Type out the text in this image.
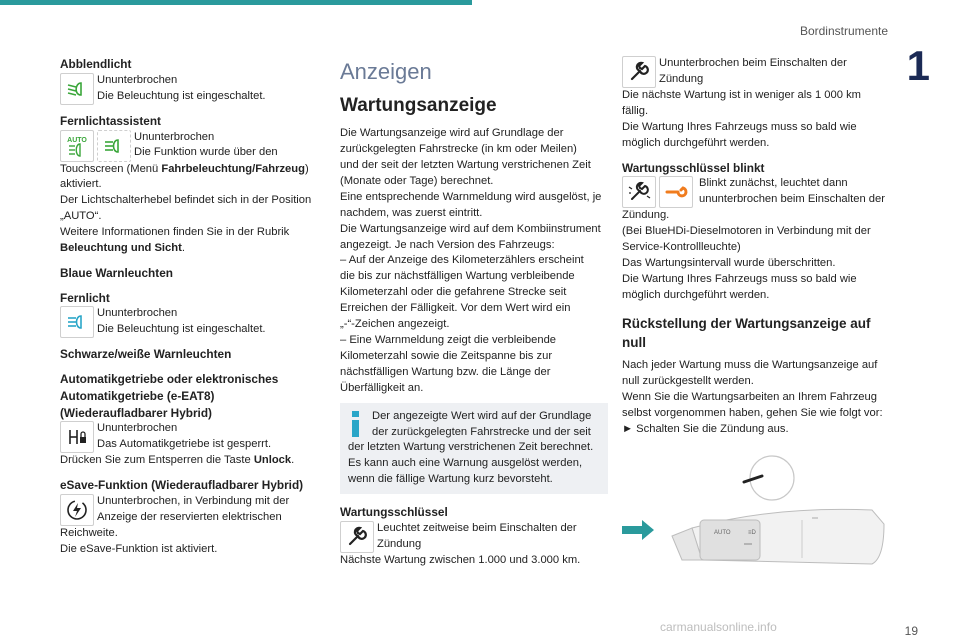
Bordinstrumente
1

Abblendlicht

Ununterbrochen

Die Beleuchtung ist eingeschaltet.

Fernlichtassistent

AUTO	Ununterbrochen

Die Funktion wurde über den

Touchscreen (Menü Fahrbeleuchtung/Fahrzeug)

aktiviert.

Der Lichtschalterhebel befindet sich in der Position

„AUTO“.

Weitere Informationen finden Sie in der Rubrik

Beleuchtung und Sicht.

Blaue Warnleuchten

Fernlicht

Ununterbrochen

Die Beleuchtung ist eingeschaltet.

Schwarze/weiße Warnleuchten

Automatikgetriebe oder elektronisches

Automatikgetriebe (e-EAT8)

(Wiederaufladbarer Hybrid)

Ununterbrochen

Das Automatikgetriebe ist gesperrt.

Drücken Sie zum Entsperren die Taste Unlock.

eSave-Funktion (Wiederaufladbarer Hybrid)

Ununterbrochen, in Verbindung mit der

Anzeige der reservierten elektrischen

Reichweite.

Die eSave-Funktion ist aktiviert.

Anzeigen

Wartungsanzeige

Die Wartungsanzeige wird auf Grundlage der

zurückgelegten Fahrstrecke (in km oder Meilen)

und der seit der letzten Wartung verstrichenen Zeit

(Monate oder Tage) berechnet.

Eine entsprechende Warnmeldung wird ausgelöst, je

nachdem, was zuerst eintritt.

Die Wartungsanzeige wird auf dem Kombiinstrument

angezeigt. Je nach Version des Fahrzeugs:

– Auf der Anzeige des Kilometerzählers erscheint

die bis zur nächstfälligen Wartung verbleibende

Kilometerzahl oder die gefahrene Strecke seit

Erreichen der Fälligkeit. Vor dem Wert wird ein

„-“-Zeichen angezeigt.

– Eine Warnmeldung zeigt die verbleibende

Kilometerzahl sowie die Zeitspanne bis zur

nächstfälligen Wartung bzw. die Länge der

Überfälligkeit an.

Der angezeigte Wert wird auf der Grundlage

der zurückgelegten Fahrstrecke und der seit

der letzten Wartung verstrichenen Zeit berechnet.

Es kann auch eine Warnung ausgelöst werden,

wenn die fällige Wartung kurz bevorsteht.

Wartungsschlüssel

Leuchtet zeitweise beim Einschalten der

Zündung

Nächste Wartung zwischen 1.000 und 3.000 km.

Ununterbrochen beim Einschalten der

Zündung

Die nächste Wartung ist in weniger als 1 000 km

fällig.

Die Wartung Ihres Fahrzeugs muss so bald wie

möglich durchgeführt werden.

Wartungsschlüssel blinkt

Blinkt zunächst, leuchtet dann

ununterbrochen beim Einschalten der

Zündung.

(Bei BlueHDi-Dieselmotoren in Verbindung mit der

Service-Kontrollleuchte)

Das Wartungsintervall wurde überschritten.

Die Wartung Ihres Fahrzeugs muss so bald wie

möglich durchgeführt werden.

Rückstellung der Wartungsanzeige auf

null

Nach jeder Wartung muss die Wartungsanzeige auf

null zurückgestellt werden.

Wenn Sie die Wartungsarbeiten an Ihrem Fahrzeug

selbst vorgenommen haben, gehen Sie wie folgt vor:

► Schalten Sie die Zündung aus.

AUTO	≡D
carmanualsonline.info	19
